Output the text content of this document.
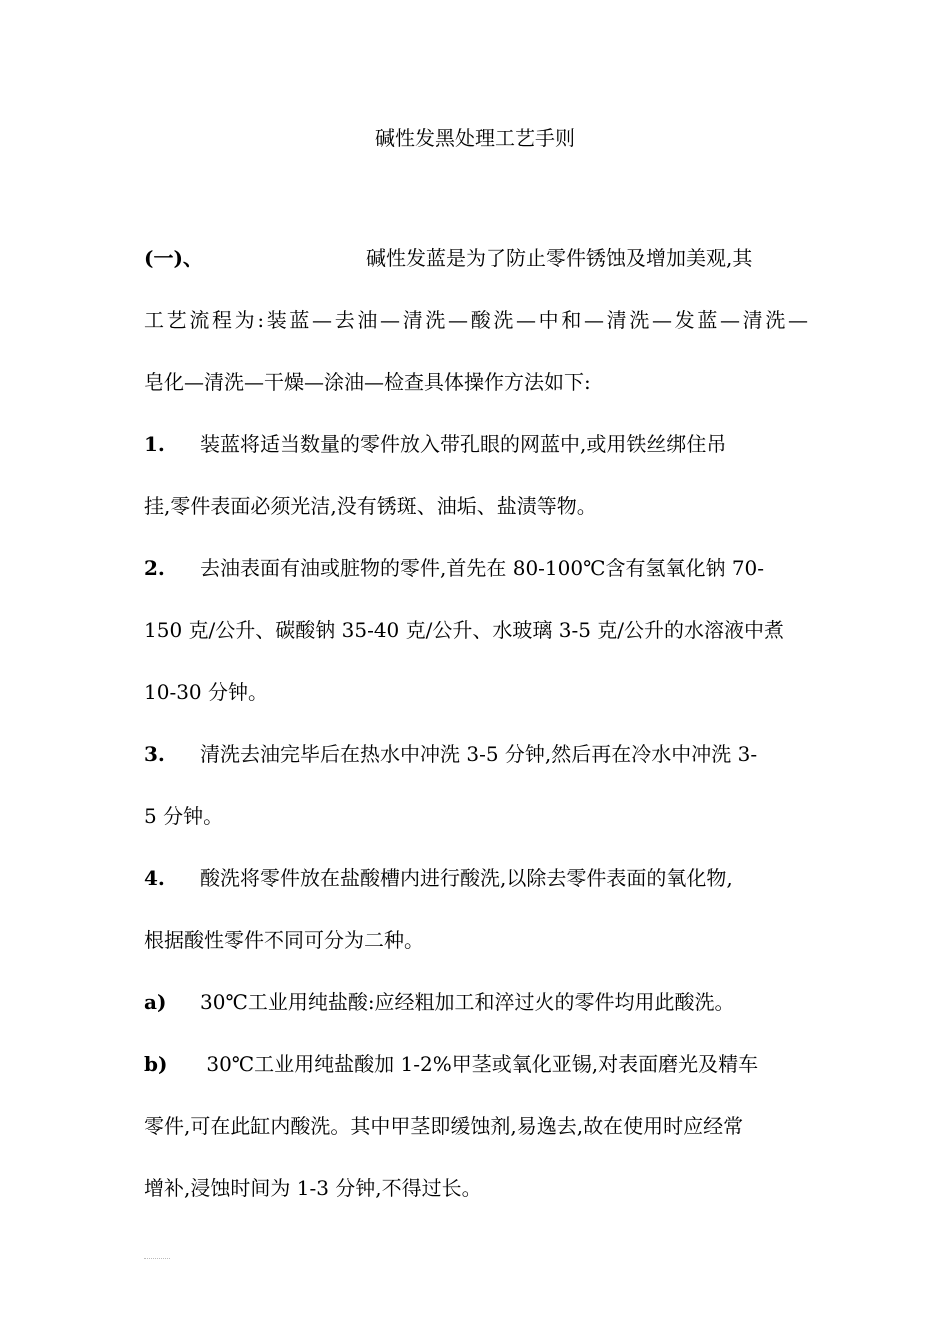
碱性发黑处理工艺手则
(一)、	碱性发蓝是为了防止零件锈蚀及增加美观,其
工艺流程为:装蓝—去油—清洗—酸洗—中和—清洗—发蓝—清洗—
皂化—清洗—干燥—涂油—检查具体操作方法如下:
1. 装蓝将适当数量的零件放入带孔眼的网蓝中,或用铁丝绑住吊
挂,零件表面必须光洁,没有锈斑、油垢、盐渍等物。
2. 去油表面有油或脏物的零件,首先在 80-100℃含有氢氧化钠 70-
150 克/公升、碳酸钠 35-40 克/公升、水玻璃 3-5 克/公升的水溶液中煮
10-30 分钟。
3. 清洗去油完毕后在热水中冲洗 3-5 分钟,然后再在冷水中冲洗 3-
5 分钟。
4. 酸洗将零件放在盐酸槽内进行酸洗,以除去零件表面的氧化物,
根据酸性零件不同可分为二种。
a) 30℃工业用纯盐酸:应经粗加工和淬过火的零件均用此酸洗。
b) 30℃工业用纯盐酸加 1-2%甲茎或氧化亚锡,对表面磨光及精车
零件,可在此缸内酸洗。其中甲茎即缓蚀剂,易逸去,故在使用时应经常
增补,浸蚀时间为 1-3 分钟,不得过长。
